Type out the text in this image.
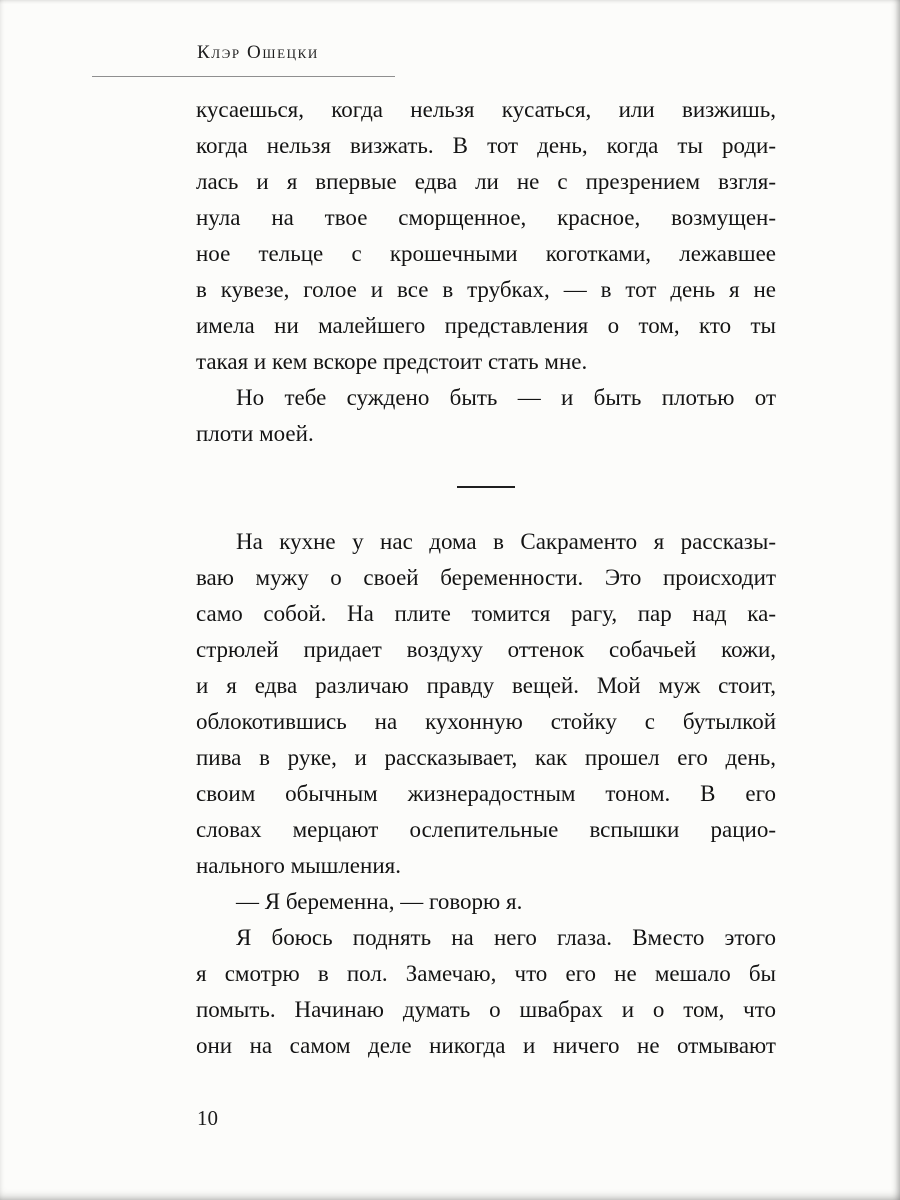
Клэр Ошецки
кусаешься, когда нельзя кусаться, или визжишь,
когда нельзя визжать. В тот день, когда ты роди-
лась и я впервые едва ли не с презрением взгля-
нула на твое сморщенное, красное, возмущен-
ное тельце с крошечными коготками, лежавшее
в кувезе, голое и все в трубках, — в тот день я не
имела ни малейшего представления о том, кто ты
такая и кем вскоре предстоит стать мне.
Но тебе суждено быть — и быть плотью от
плоти моей.
На кухне у нас дома в Сакраменто я рассказы-
ваю мужу о своей беременности. Это происходит
само собой. На плите томится рагу, пар над ка-
стрюлей придает воздуху оттенок собачьей кожи,
и я едва различаю правду вещей. Мой муж стоит,
облокотившись на кухонную стойку с бутылкой
пива в руке, и рассказывает, как прошел его день,
своим обычным жизнерадостным тоном. В его
словах мерцают ослепительные вспышки рацио-
нального мышления.
— Я беременна, — говорю я.
Я боюсь поднять на него глаза. Вместо этого
я смотрю в пол. Замечаю, что его не мешало бы
помыть. Начинаю думать о швабрах и о том, что
они на самом деле никогда и ничего не отмывают
10
